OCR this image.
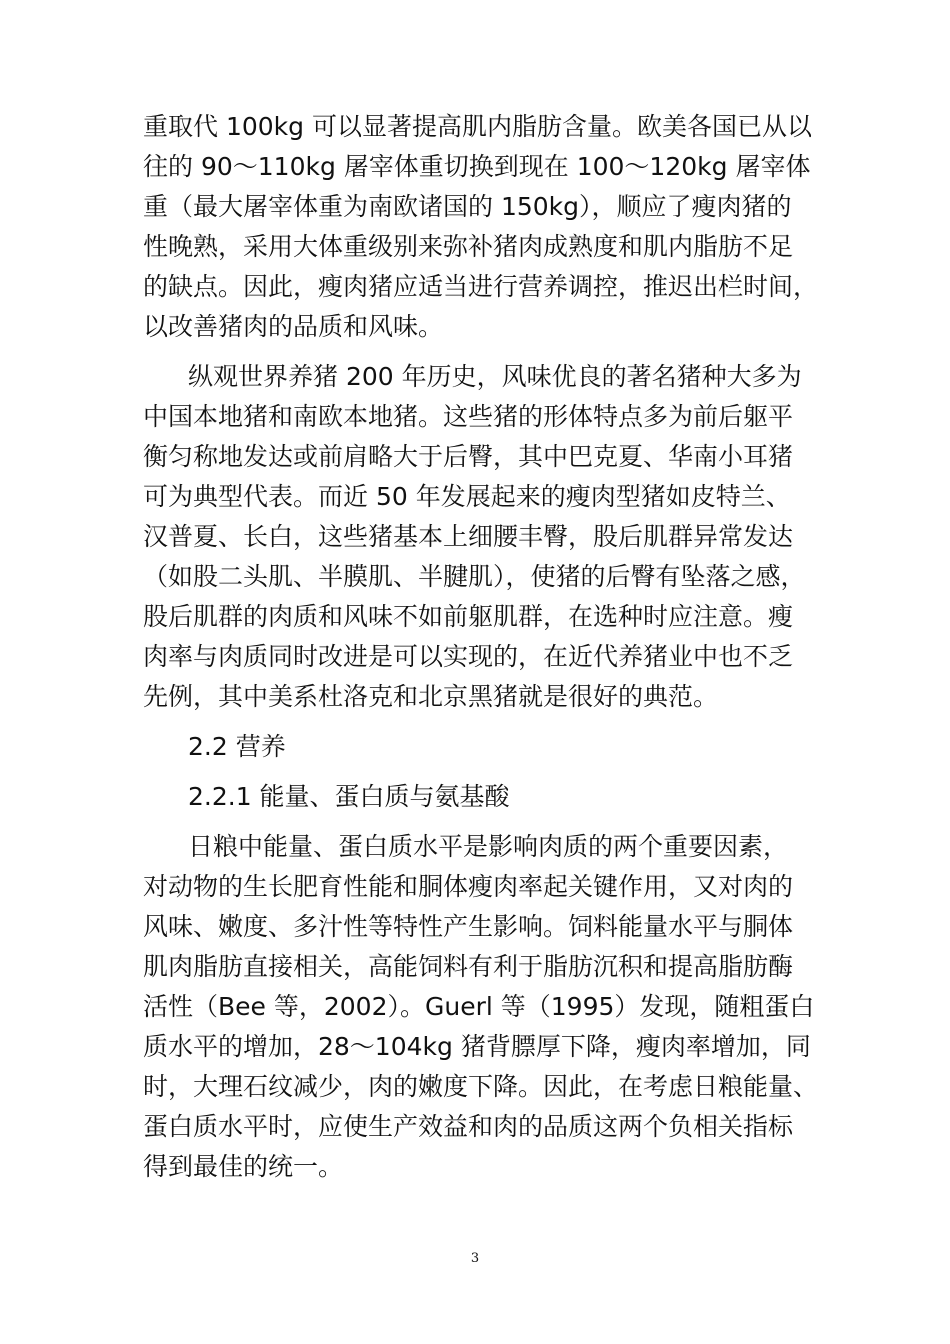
重取代 100kg 可以显著提高肌内脂肪含量。欧美各国已从以
往的 90～110kg 屠宰体重切换到现在 100～120kg 屠宰体
重（最大屠宰体重为南欧诸国的 150kg），顺应了瘦肉猪的
性晚熟，采用大体重级别来弥补猪肉成熟度和肌内脂肪不足
的缺点。因此，瘦肉猪应适当进行营养调控，推迟出栏时间，
以改善猪肉的品质和风味。
纵观世界养猪 200 年历史，风味优良的著名猪种大多为
中国本地猪和南欧本地猪。这些猪的形体特点多为前后躯平
衡匀称地发达或前肩略大于后臀，其中巴克夏、华南小耳猪
可为典型代表。而近 50 年发展起来的瘦肉型猪如皮特兰、
汉普夏、长白，这些猪基本上细腰丰臀，股后肌群异常发达
（如股二头肌、半膜肌、半腱肌），使猪的后臀有坠落之感，
股后肌群的肉质和风味不如前躯肌群，在选种时应注意。瘦
肉率与肉质同时改进是可以实现的，在近代养猪业中也不乏
先例，其中美系杜洛克和北京黑猪就是很好的典范。
2.2 营养
2.2.1 能量、蛋白质与氨基酸
日粮中能量、蛋白质水平是影响肉质的两个重要因素，
对动物的生长肥育性能和胴体瘦肉率起关键作用，又对肉的
风味、嫩度、多汁性等特性产生影响。饲料能量水平与胴体
肌肉脂肪直接相关，高能饲料有利于脂肪沉积和提高脂肪酶
活性（Bee 等，2002）。Guerl 等（1995）发现，随粗蛋白
质水平的增加，28～104kg 猪背膘厚下降，瘦肉率增加，同
时，大理石纹减少，肉的嫩度下降。因此，在考虑日粮能量、
蛋白质水平时，应使生产效益和肉的品质这两个负相关指标
得到最佳的统一。
3
